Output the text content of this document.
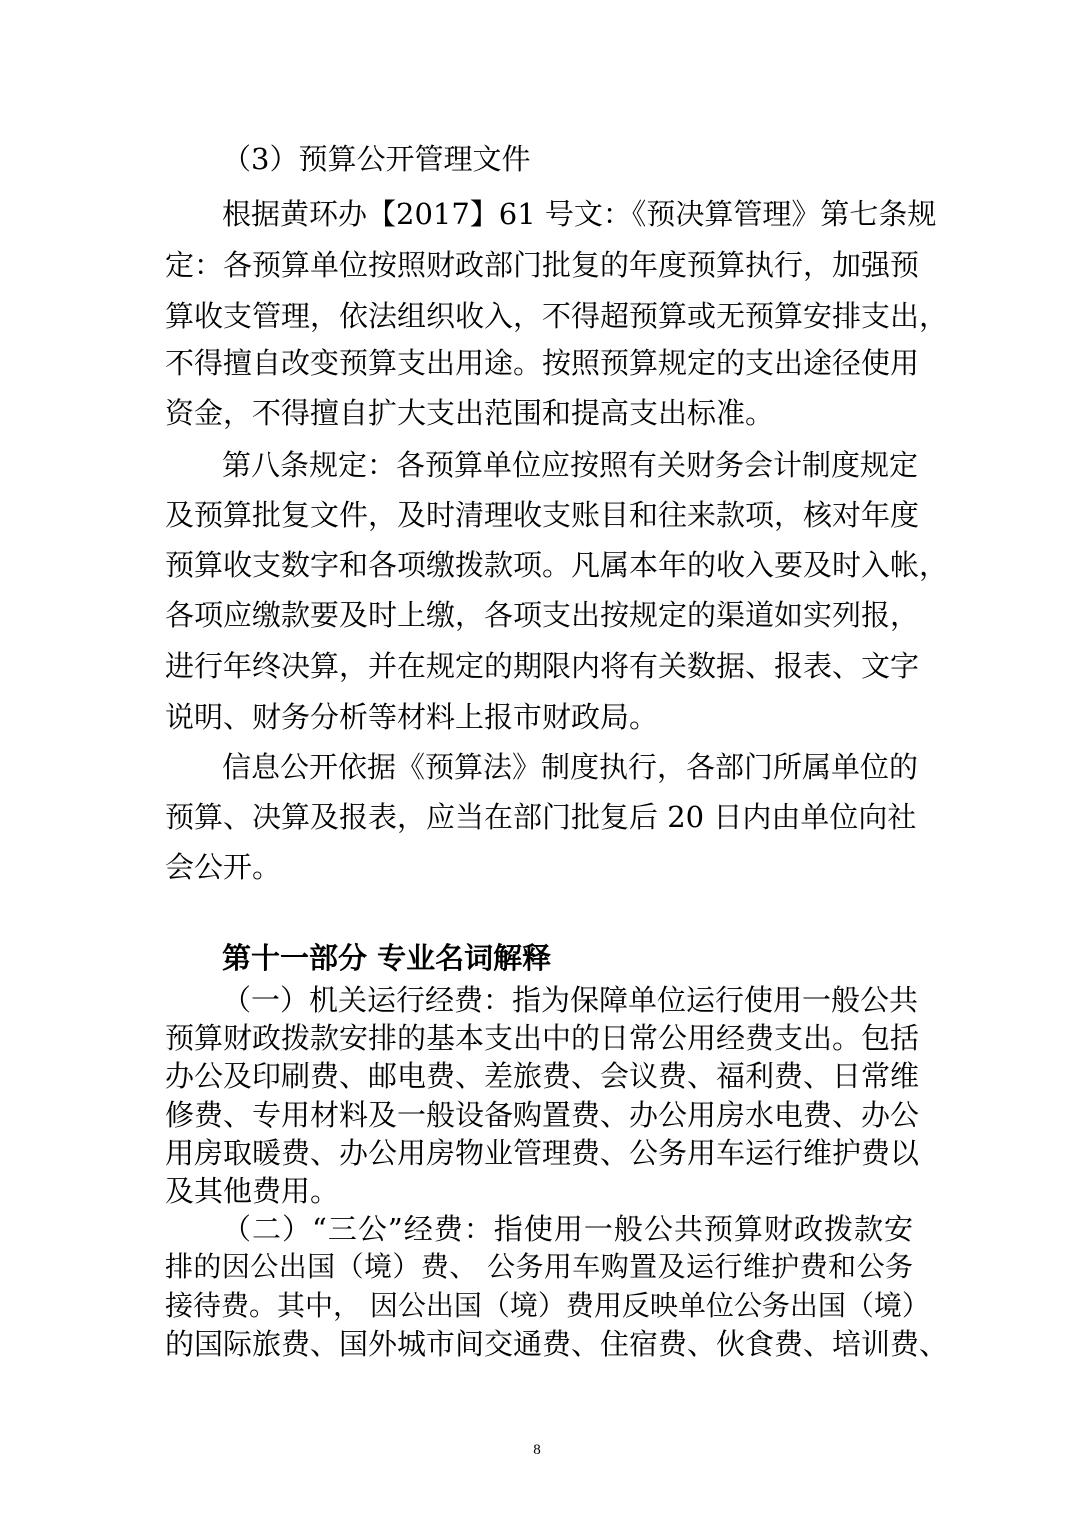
（3）预算公开管理文件
根据黄环办【2017】61 号文：《预决算管理》第七条规
定：各预算单位按照财政部门批复的年度预算执行，加强预
算收支管理，依法组织收入，不得超预算或无预算安排支出，
不得擅自改变预算支出用途。按照预算规定的支出途径使用
资金，不得擅自扩大支出范围和提高支出标准。
第八条规定：各预算单位应按照有关财务会计制度规定
及预算批复文件，及时清理收支账目和往来款项，核对年度
预算收支数字和各项缴拨款项。凡属本年的收入要及时入帐，
各项应缴款要及时上缴，各项支出按规定的渠道如实列报，
进行年终决算，并在规定的期限内将有关数据、报表、文字
说明、财务分析等材料上报市财政局。
信息公开依据《预算法》制度执行，各部门所属单位的
预算、决算及报表，应当在部门批复后 20 日内由单位向社
会公开。
第十一部分 专业名词解释
（一）机关运行经费：指为保障单位运行使用一般公共
预算财政拨款安排的基本支出中的日常公用经费支出。包括
办公及印刷费、邮电费、差旅费、会议费、福利费、日常维
修费、专用材料及一般设备购置费、办公用房水电费、办公
用房取暖费、办公用房物业管理费、公务用车运行维护费以
及其他费用。
（二）“三公”经费：指使用一般公共预算财政拨款安
排的因公出国（境）费、 公务用车购置及运行维护费和公务
接待费。其中， 因公出国（境）费用反映单位公务出国（境）
的国际旅费、国外城市间交通费、住宿费、伙食费、培训费、
8
